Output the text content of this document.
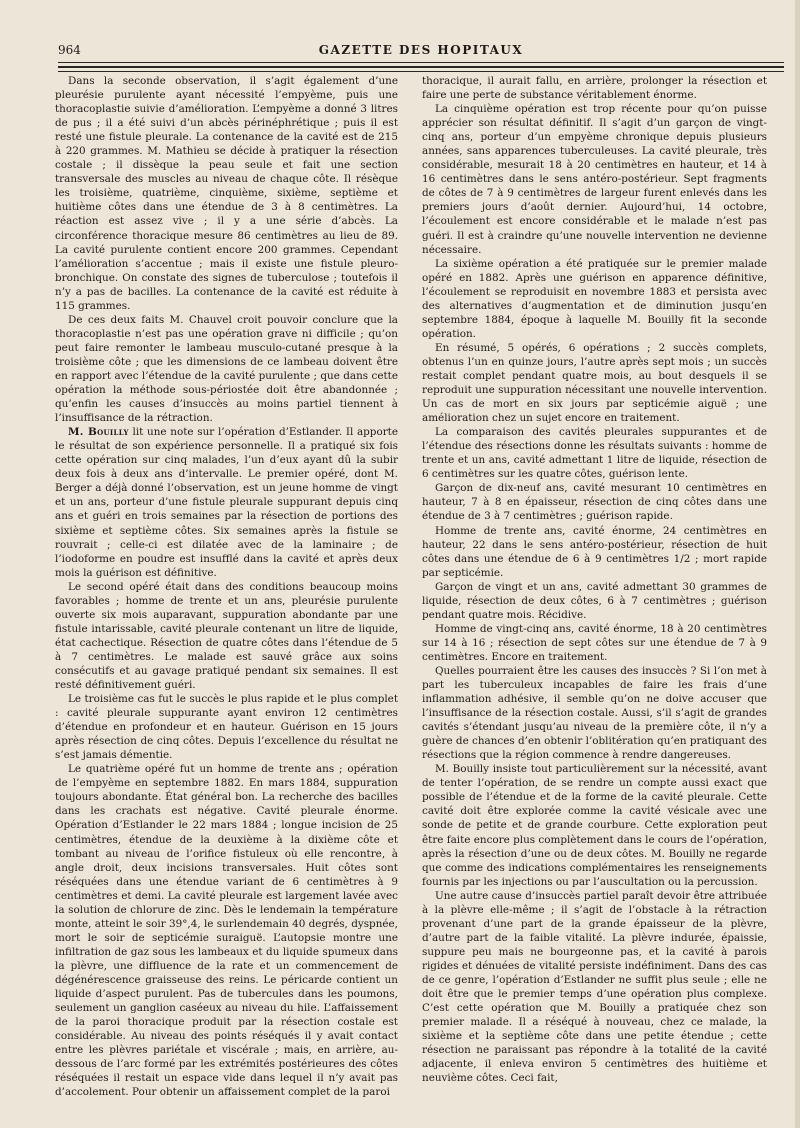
964	GAZETTE DES HOPITAUX

Dans la seconde observation, il s’agit également d’une pleurésie purulente ayant nécessité l’empyème, puis une thoracoplastie suivie d’amélioration. L’empyème a donné 3 litres de pus ; il a été suivi d’un abcès périnéphrétique ; puis il est resté une fistule pleurale. La contenance de la cavité est de 215 à 220 grammes. M. Mathieu se décide à pratiquer la résection costale ; il dissèque la peau seule et fait une section transversale des muscles au niveau de chaque côte. Il résèque les troisième, quatrième, cinquième, sixième, septième et huitième côtes dans une étendue de 3 à 8 centimètres. La réaction est assez vive ; il y a une série d’abcès. La circonférence thoracique mesure 86 centimètres au lieu de 89. La cavité purulente contient encore 200 grammes. Cependant l’amélioration s’accentue ; mais il existe une fistule pleuro-bronchique. On constate des signes de tuberculose ; toutefois il n’y a pas de bacilles. La contenance de la cavité est réduite à 115 grammes.

De ces deux faits M. Chauvel croit pouvoir conclure que la thoracoplastie n’est pas une opération grave ni difficile ; qu’on peut faire remonter le lambeau musculo-cutané presque à la troisième côte ; que les dimensions de ce lambeau doivent être en rapport avec l’étendue de la cavité purulente ; que dans cette opération la méthode sous-périostée doit être abandonnée ; qu’enfin les causes d’insuccès au moins partiel tiennent à l’insuffisance de la rétraction.

M. Bouilly lit une note sur l’opération d’Estlander. Il apporte le résultat de son expérience personnelle. Il a pratiqué six fois cette opération sur cinq malades, l’un d’eux ayant dû la subir deux fois à deux ans d’intervalle. Le premier opéré, dont M. Berger a déjà donné l’observation, est un jeune homme de vingt et un ans, porteur d’une fistule pleurale suppurant depuis cinq ans et guéri en trois semaines par la résection de portions des sixième et septième côtes. Six semaines après la fistule se rouvrait ; celle-ci est dilatée avec de la laminaire ; de l’iodoforme en poudre est insufflé dans la cavité et après deux mois la guérison est définitive.

Le second opéré était dans des conditions beaucoup moins favorables ; homme de trente et un ans, pleurésie purulente ouverte six mois auparavant, suppuration abondante par une fistule intarissable, cavité pleurale contenant un litre de liquide, état cachectique. Résection de quatre côtes dans l’étendue de 5 à 7 centimètres. Le malade est sauvé grâce aux soins consécutifs et au gavage pratiqué pendant six semaines. Il est resté définitivement guéri.

Le troisième cas fut le succès le plus rapide et le plus complet : cavité pleurale suppurante ayant environ 12 centimètres d’étendue en profondeur et en hauteur. Guérison en 15 jours après résection de cinq côtes. Depuis l’excellence du résultat ne s’est jamais démentie.

Le quatrième opéré fut un homme de trente ans ; opération de l’empyème en septembre 1882. En mars 1884, suppuration toujours abondante. État général bon. La recherche des bacilles dans les crachats est négative. Cavité pleurale énorme. Opération d’Estlander le 22 mars 1884 ; longue incision de 25 centimètres, étendue de la deuxième à la dixième côte et tombant au niveau de l’orifice fistuleux où elle rencontre, à angle droit, deux incisions transversales. Huit côtes sont réséquées dans une étendue variant de 6 centimètres à 9 centimètres et demi. La cavité pleurale est largement lavée avec la solution de chlorure de zinc. Dès le lendemain la température monte, atteint le soir 39°,4, le surlendemain 40 degrés, dyspnée, mort le soir de septicémie suraiguë. L’autopsie montre une infiltration de gaz sous les lambeaux et du liquide spumeux dans la plèvre, une diffluence de la rate et un commencement de dégénérescence graisseuse des reins. Le péricarde contient un liquide d’aspect purulent. Pas de tubercules dans les poumons, seulement un ganglion caséeux au niveau du hile. L’affaissement de la paroi thoracique produit par la résection costale est considérable. Au niveau des points réséqués il y avait contact entre les plèvres pariétale et viscérale ; mais, en arrière, au-dessous de l’arc formé par les extrémités postérieures des côtes réséquées il restait un espace vide dans lequel il n’y avait pas d’accolement. Pour obtenir un affaissement complet de la paroi

thoracique, il aurait fallu, en arrière, prolonger la résection et faire une perte de substance véritablement énorme.

La cinquième opération est trop récente pour qu’on puisse apprécier son résultat définitif. Il s’agit d’un garçon de vingt-cinq ans, porteur d’un empyème chronique depuis plusieurs années, sans apparences tuberculeuses. La cavité pleurale, très considérable, mesurait 18 à 20 centimètres en hauteur, et 14 à 16 centimètres dans le sens antéro-postérieur. Sept fragments de côtes de 7 à 9 centimètres de largeur furent enlevés dans les premiers jours d’août dernier. Aujourd’hui, 14 octobre, l’écoulement est encore considérable et le malade n’est pas guéri. Il est à craindre qu’une nouvelle intervention ne devienne nécessaire.

La sixième opération a été pratiquée sur le premier malade opéré en 1882. Après une guérison en apparence définitive, l’écoulement se reproduisit en novembre 1883 et persista avec des alternatives d’augmentation et de diminution jusqu’en septembre 1884, époque à laquelle M. Bouilly fit la seconde opération.

En résumé, 5 opérés, 6 opérations ; 2 succès complets, obtenus l’un en quinze jours, l’autre après sept mois ; un succès restait complet pendant quatre mois, au bout desquels il se reproduit une suppuration nécessitant une nouvelle intervention. Un cas de mort en six jours par septicémie aiguë ; une amélioration chez un sujet encore en traitement.

La comparaison des cavités pleurales suppurantes et de l’étendue des résections donne les résultats suivants : homme de trente et un ans, cavité admettant 1 litre de liquide, résection de 6 centimètres sur les quatre côtes, guérison lente.

Garçon de dix-neuf ans, cavité mesurant 10 centimètres en hauteur, 7 à 8 en épaisseur, résection de cinq côtes dans une étendue de 3 à 7 centimètres ; guérison rapide.

Homme de trente ans, cavité énorme, 24 centimètres en hauteur, 22 dans le sens antéro-postérieur, résection de huit côtes dans une étendue de 6 à 9 centimètres 1/2 ; mort rapide par septicémie.

Garçon de vingt et un ans, cavité admettant 30 grammes de liquide, résection de deux côtes, 6 à 7 centimètres ; guérison pendant quatre mois. Récidive.

Homme de vingt-cinq ans, cavité énorme, 18 à 20 centimètres sur 14 à 16 ; résection de sept côtes sur une étendue de 7 à 9 centimètres. Encore en traitement.

Quelles pourraient être les causes des insuccès ? Si l’on met à part les tuberculeux incapables de faire les frais d’une inflammation adhésive, il semble qu’on ne doive accuser que l’insuffisance de la résection costale. Aussi, s’il s’agit de grandes cavités s’étendant jusqu’au niveau de la première côte, il n’y a guère de chances d’en obtenir l’oblitération qu’en pratiquant des résections que la région commence à rendre dangereuses.

M. Bouilly insiste tout particulièrement sur la nécessité, avant de tenter l’opération, de se rendre un compte aussi exact que possible de l’étendue et de la forme de la cavité pleurale. Cette cavité doit être explorée comme la cavité vésicale avec une sonde de petite et de grande courbure. Cette exploration peut être faite encore plus complètement dans le cours de l’opération, après la résection d’une ou de deux côtes. M. Bouilly ne regarde que comme des indications complémentaires les renseignements fournis par les injections ou par l’auscultation ou la percussion.

Une autre cause d’insuccès partiel paraît devoir être attribuée à la plèvre elle-même ; il s’agit de l’obstacle à la rétraction provenant d’une part de la grande épaisseur de la plèvre, d’autre part de la faible vitalité. La plèvre indurée, épaissie, suppure peu mais ne bourgeonne pas, et la cavité à parois rigides et dénuées de vitalité persiste indéfiniment. Dans des cas de ce genre, l’opération d’Estlander ne suffit plus seule ; elle ne doit être que le premier temps d’une opération plus complexe. C’est cette opération que M. Bouilly a pratiquée chez son premier malade. Il a réséqué à nouveau, chez ce malade, la sixième et la septième côte dans une petite étendue ; cette résection ne paraissant pas répondre à la totalité de la cavité adjacente, il enleva environ 5 centimètres des huitième et neuvième côtes. Ceci fait,
